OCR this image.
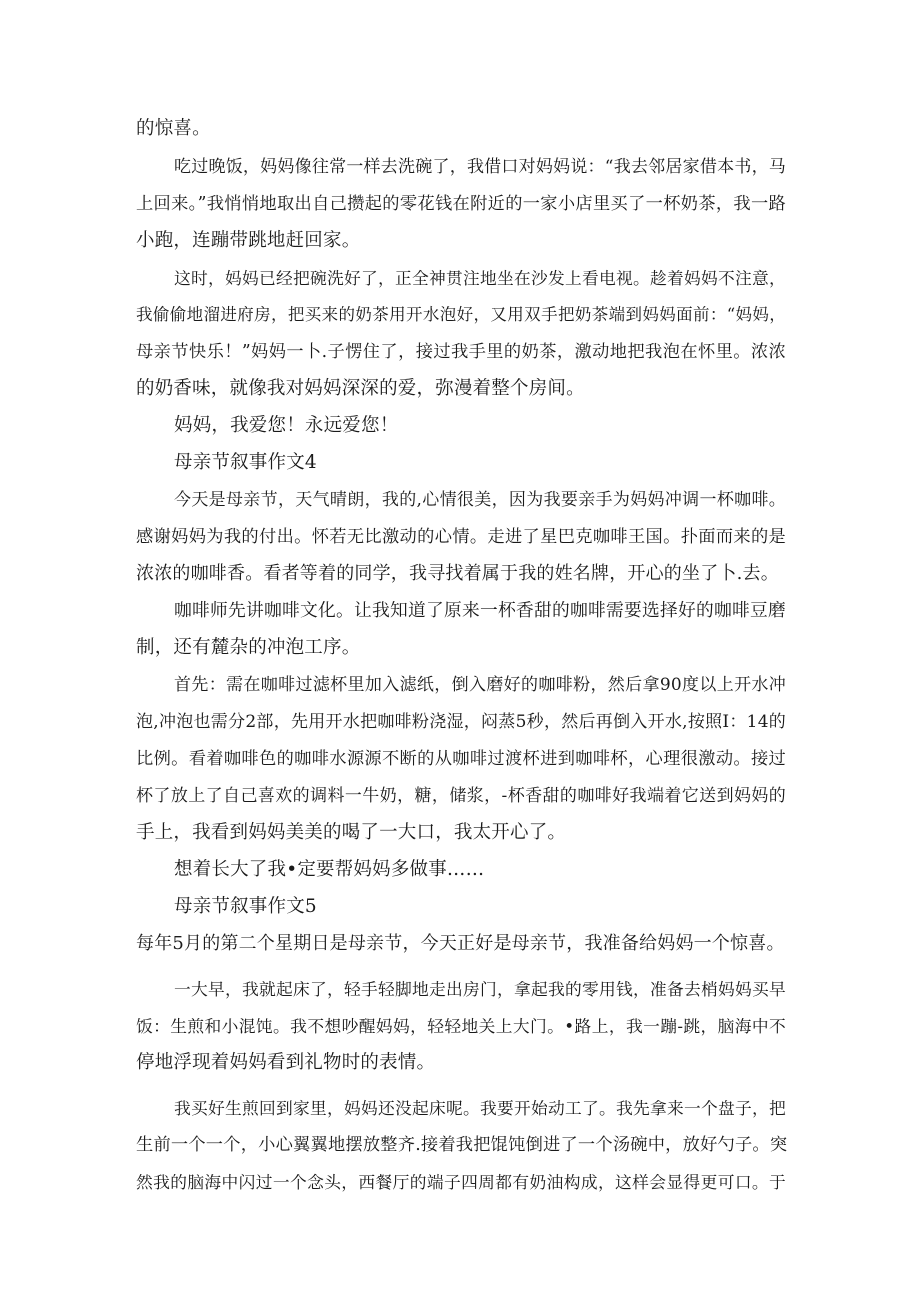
的惊喜。
吃过晚饭，妈妈像往常一样去洗碗了，我借口对妈妈说：“我去邻居家借本书，马
上回来。”我悄悄地取出自己攒起的零花钱在附近的一家小店里买了一杯奶茶，我一路
小跑，连蹦带跳地赶回家。
这时，妈妈已经把碗洗好了，正全神贯注地坐在沙发上看电视。趁着妈妈不注意，
我偷偷地溜进府房，把买来的奶茶用开水泡好，又用双手把奶茶端到妈妈面前：“妈妈，
母亲节快乐！”妈妈一卜.子愣住了，接过我手里的奶茶，激动地把我泡在怀里。浓浓
的奶香味，就像我对妈妈深深的爱，弥漫着整个房间。
妈妈，我爱您！永远爱您！
母亲节叙事作文4
今天是母亲节，天气晴朗，我的,心情很美，因为我要亲手为妈妈冲调一杯咖啡。
感谢妈妈为我的付出。怀若无比激动的心情。走进了星巴克咖啡王国。扑面而来的是
浓浓的咖啡香。看者等着的同学，我寻找着属于我的姓名牌，开心的坐了卜.去。
咖啡师先讲咖啡文化。让我知道了原来一杯香甜的咖啡需要选择好的咖啡豆磨
制，还有麓杂的冲泡工序。
首先：需在咖啡过滤杯里加入滤纸，倒入磨好的咖啡粉，然后拿90度以上开水冲
泡,冲泡也需分2部，先用开水把咖啡粉浇湿，闷蒸5秒，然后再倒入开水,按照I：14的
比例。看着咖啡色的咖啡水源源不断的从咖啡过渡杯进到咖啡杯，心理很激动。接过
杯了放上了自己喜欢的调料一牛奶，糖，储浆，-杯香甜的咖啡好我端着它送到妈妈的
手上，我看到妈妈美美的喝了一大口，我太开心了。
想着长大了我•定要帮妈妈多做事……
母亲节叙事作文5
每年5月的第二个星期日是母亲节，今天正好是母亲节，我准备给妈妈一个惊喜。
一大早，我就起床了，轻手轻脚地走出房门，拿起我的零用钱，准备去梢妈妈买早
饭：生煎和小混饨。我不想吵醒妈妈，轻轻地关上大门。•路上，我一蹦-跳，脑海中不
停地浮现着妈妈看到礼物时的表情。
我买好生煎回到家里，妈妈还没起床呢。我要开始动工了。我先拿来一个盘子，把
生前一个一个，小心翼翼地摆放整齐.接着我把馄饨倒进了一个汤碗中，放好勺子。突
然我的脑海中闪过一个念头，西餐厅的端子四周都有奶油构成，这样会显得更可口。于
